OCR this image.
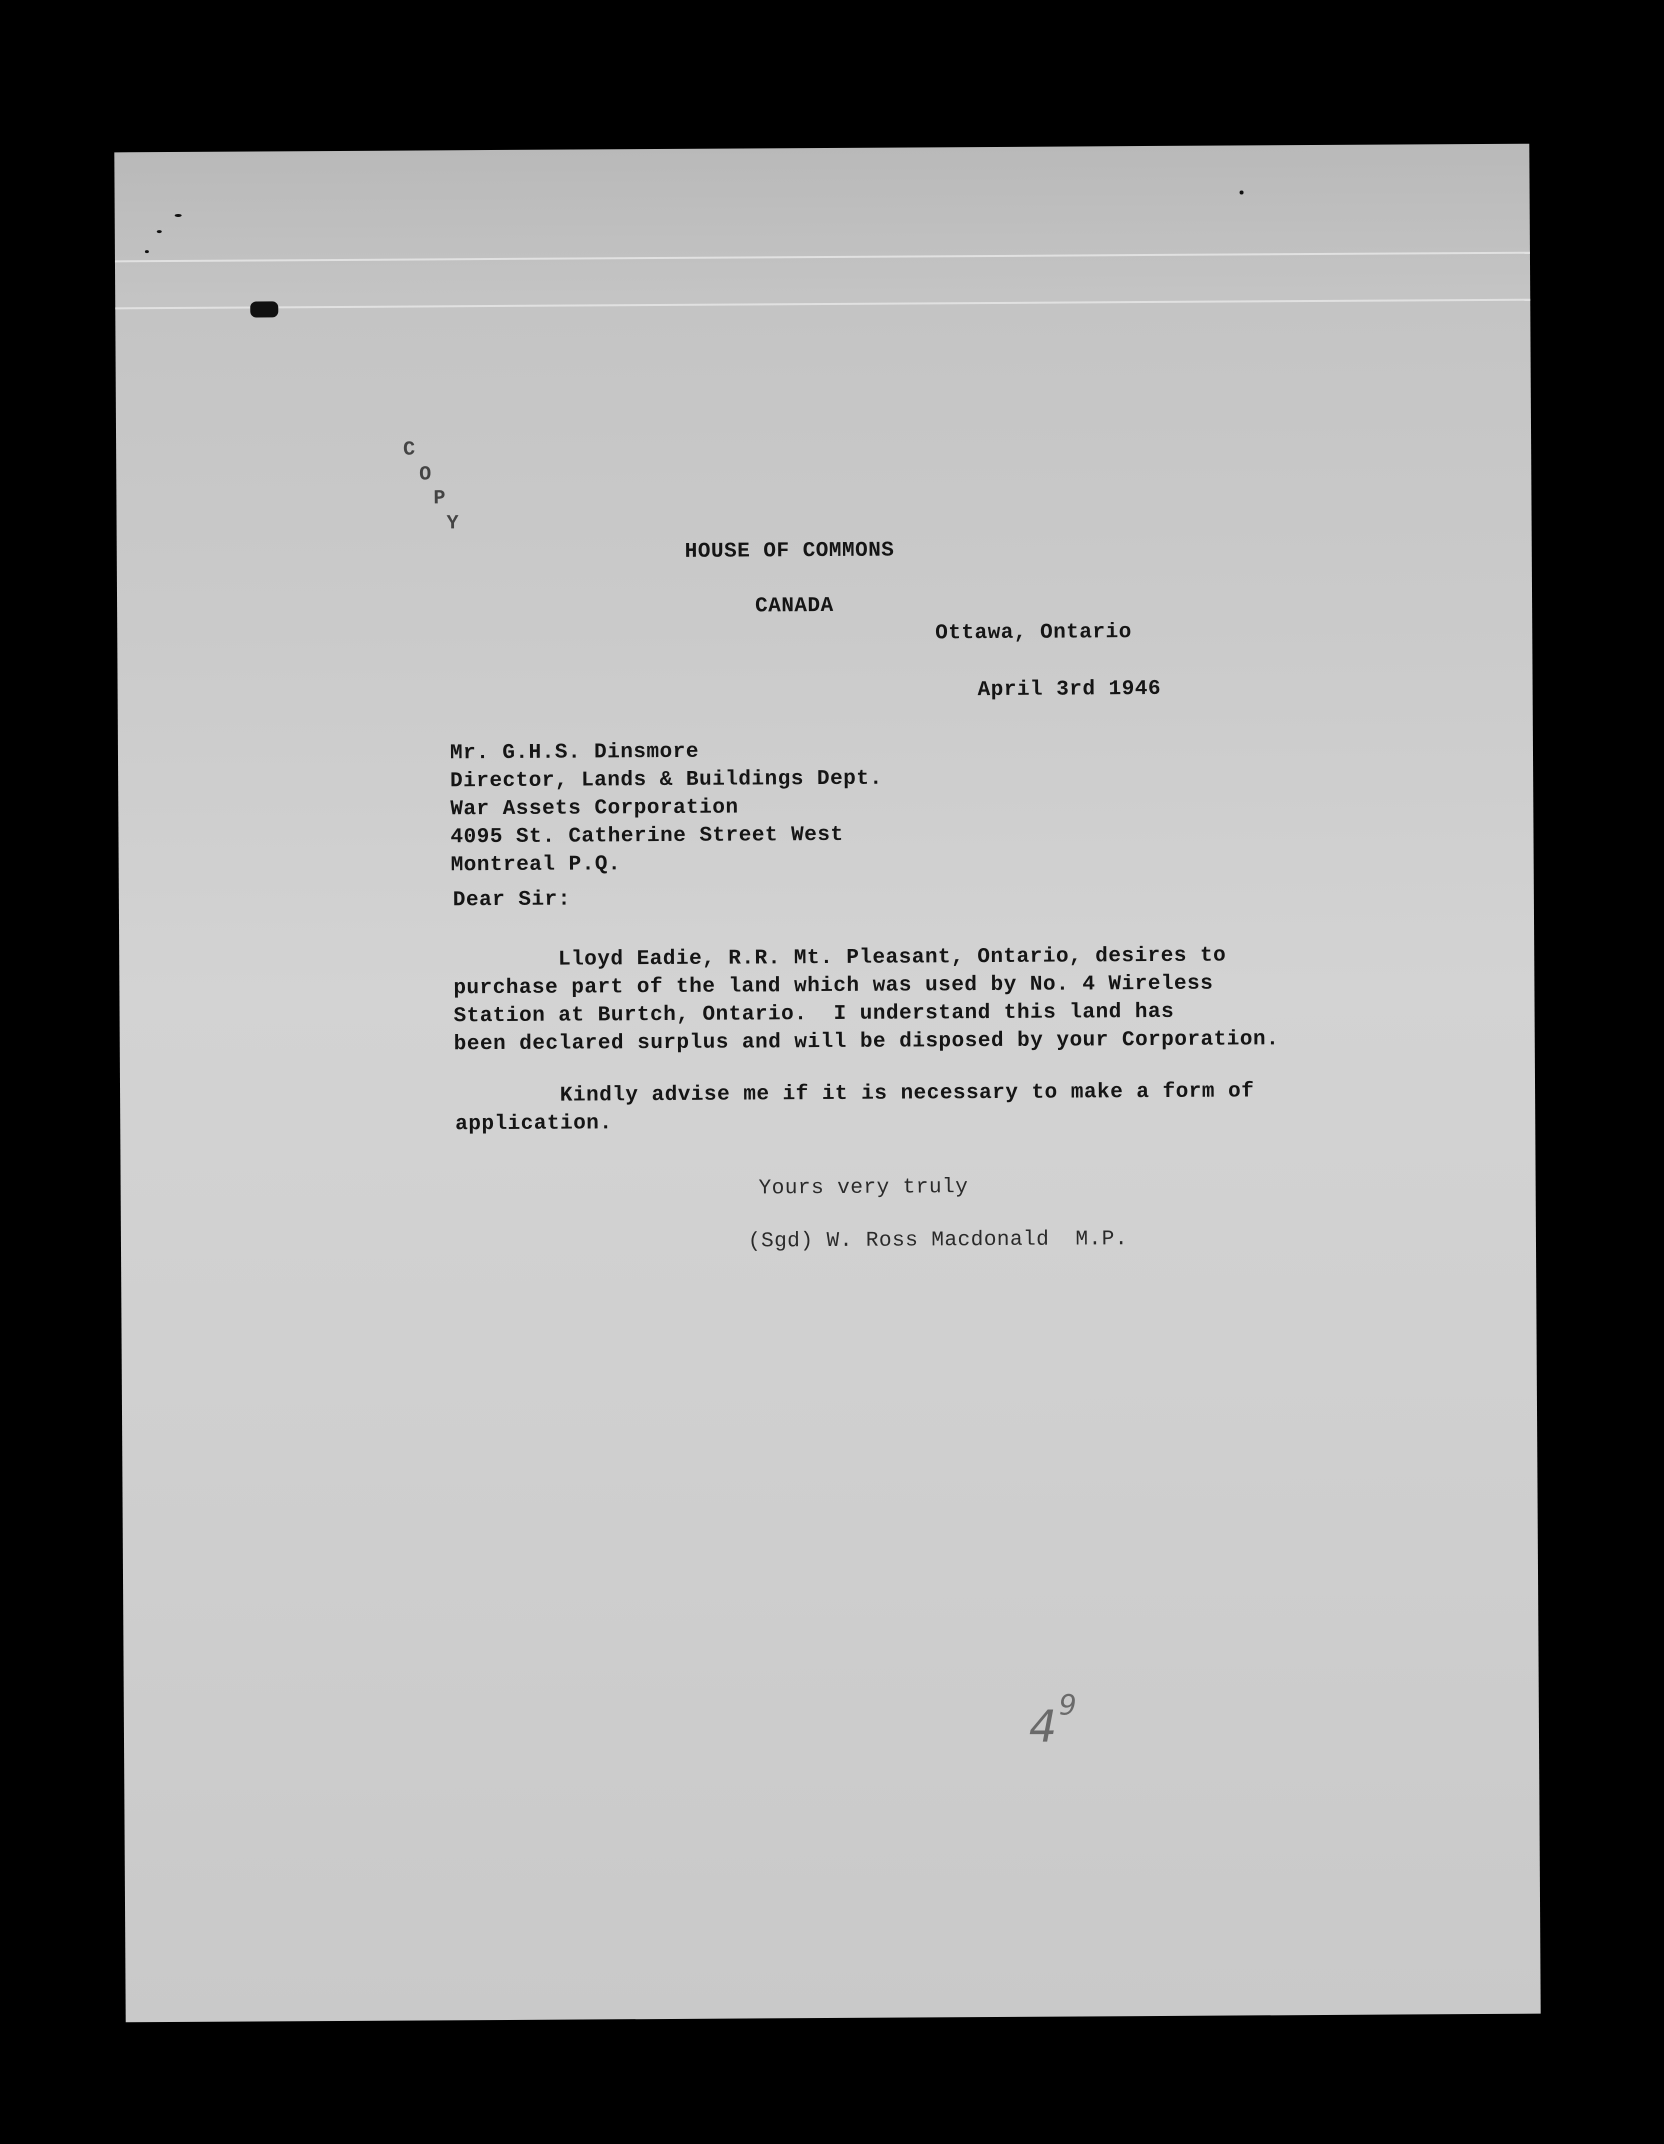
C
O
P
Y
HOUSE OF COMMONS
CANADA
Ottawa, Ontario
April 3rd 1946
Mr. G.H.S. Dinsmore
Director, Lands & Buildings Dept.
War Assets Corporation
4095 St. Catherine Street West
Montreal P.Q.
Dear Sir:
Lloyd Eadie, R.R. Mt. Pleasant, Ontario, desires to
purchase part of the land which was used by No. 4 Wireless
Station at Burtch, Ontario.  I understand this land has
been declared surplus and will be disposed by your Corporation.
Kindly advise me if it is necessary to make a form of
application.
Yours very truly
(Sgd) W. Ross Macdonald  M.P.
4 9
